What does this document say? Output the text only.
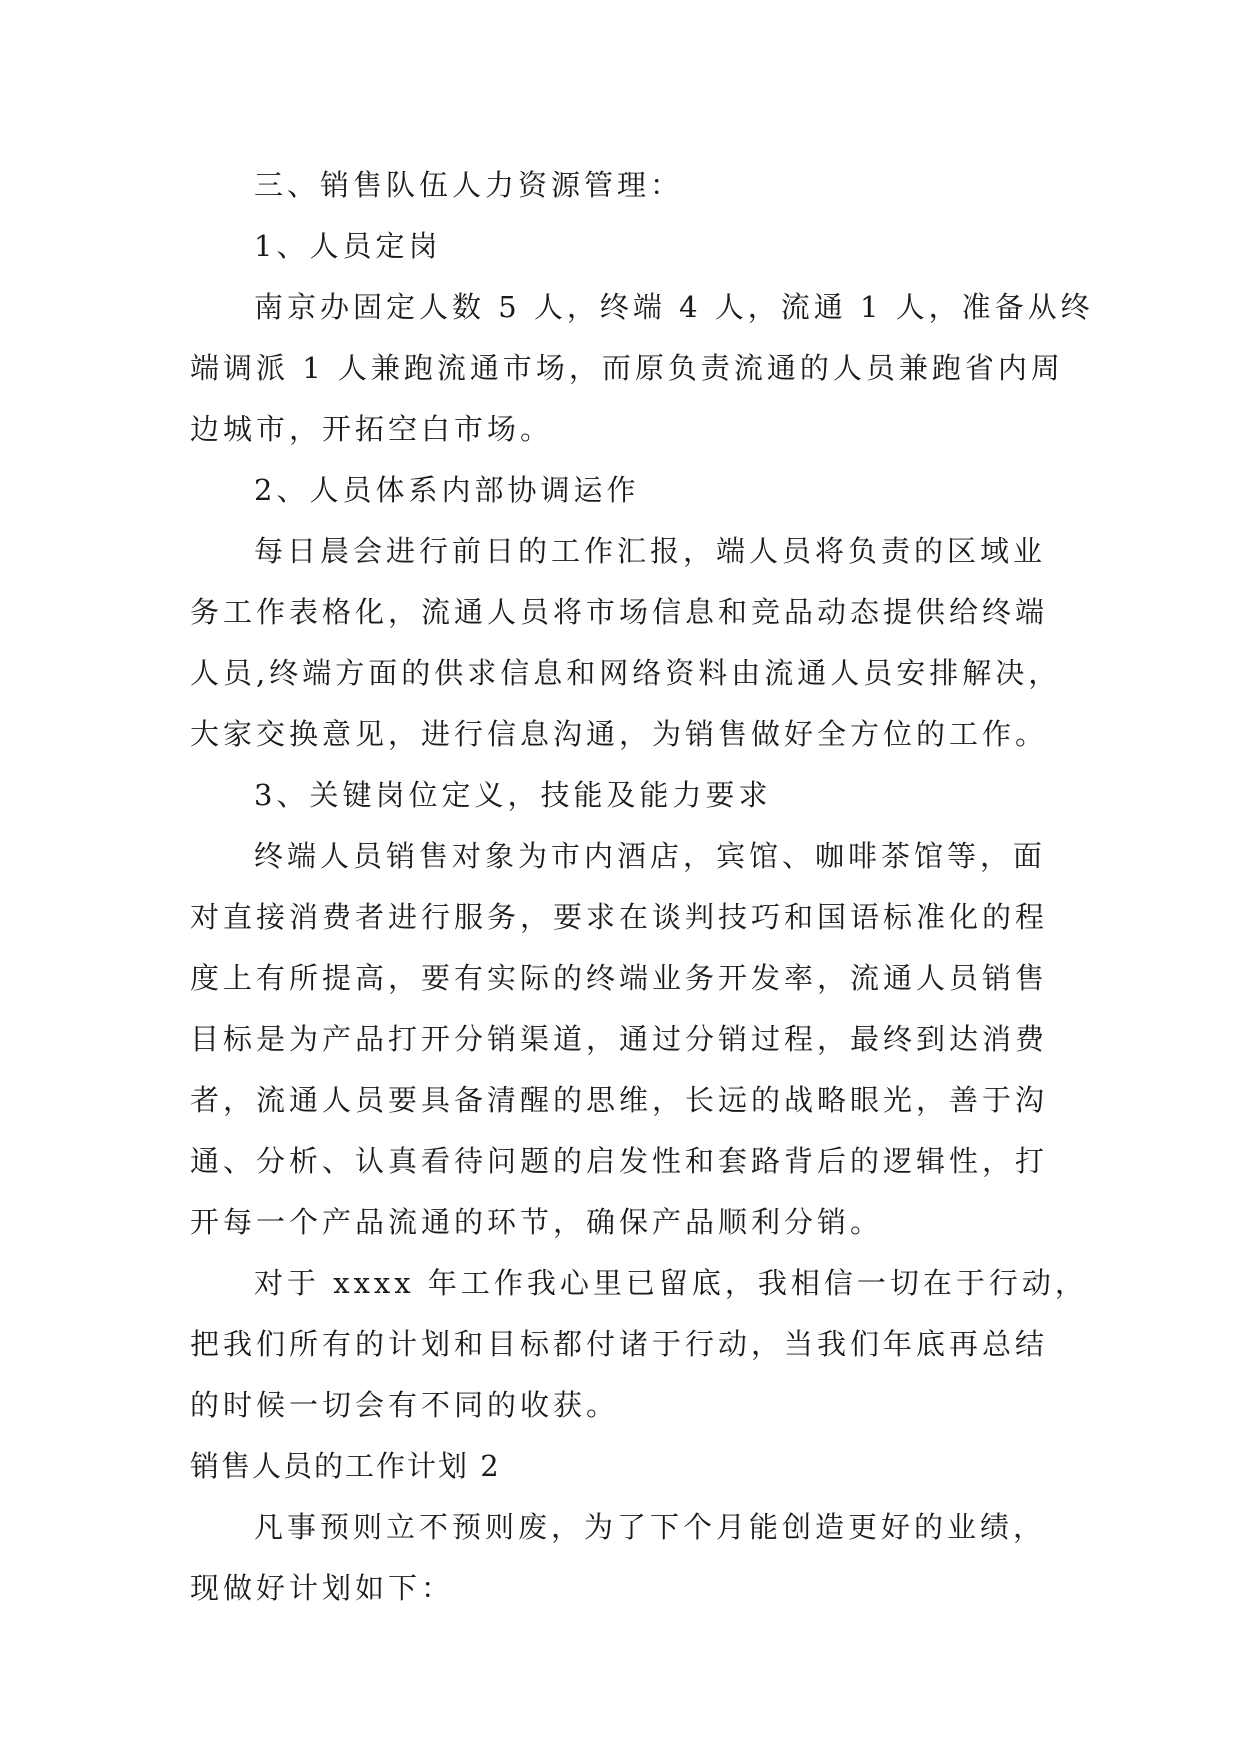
三、销售队伍人力资源管理：
1、人员定岗
南京办固定人数 5 人，终端 4 人，流通 1 人，准备从终
端调派 1 人兼跑流通市场，而原负责流通的人员兼跑省内周
边城市，开拓空白市场。
2、人员体系内部协调运作
每日晨会进行前日的工作汇报，端人员将负责的区域业
务工作表格化，流通人员将市场信息和竞品动态提供给终端
人员,终端方面的供求信息和网络资料由流通人员安排解决，
大家交换意见，进行信息沟通，为销售做好全方位的工作。
3、关键岗位定义，技能及能力要求
终端人员销售对象为市内酒店，宾馆、咖啡茶馆等，面
对直接消费者进行服务，要求在谈判技巧和国语标准化的程
度上有所提高，要有实际的终端业务开发率，流通人员销售
目标是为产品打开分销渠道，通过分销过程，最终到达消费
者，流通人员要具备清醒的思维，长远的战略眼光，善于沟
通、分析、认真看待问题的启发性和套路背后的逻辑性，打
开每一个产品流通的环节，确保产品顺利分销。
对于 xxxx 年工作我心里已留底，我相信一切在于行动，
把我们所有的计划和目标都付诸于行动，当我们年底再总结
的时候一切会有不同的收获。
销售人员的工作计划 2
凡事预则立不预则废，为了下个月能创造更好的业绩，
现做好计划如下：
